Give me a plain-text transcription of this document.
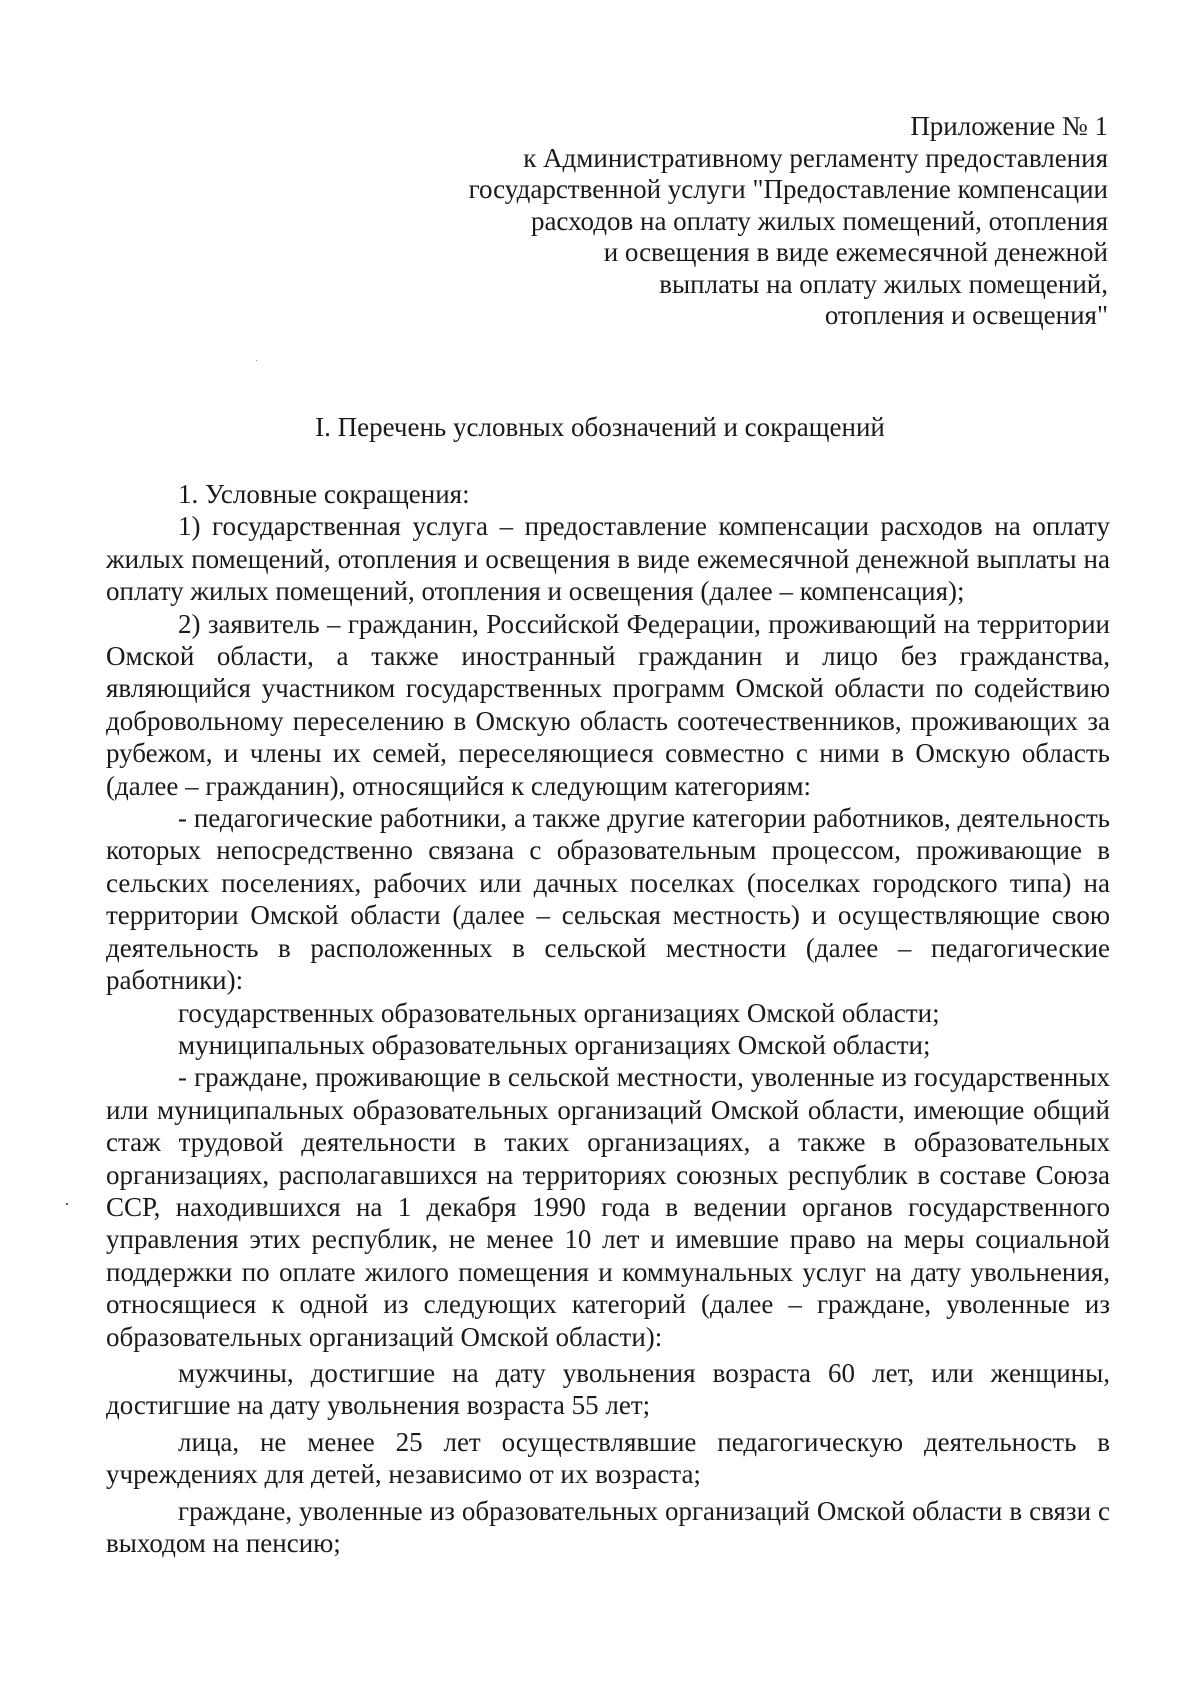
Приложение № 1
к Административному регламенту предоставления
государственной услуги "Предоставление компенсации
расходов на оплату жилых помещений, отопления
и освещения в виде ежемесячной денежной
выплаты на оплату жилых помещений,
отопления и освещения"
I. Перечень условных обозначений и сокращений

1. Условные сокращения:

1) государственная услуга – предоставление компенсации расходов на оплату жилых помещений, отопления и освещения в виде ежемесячной денежной выплаты на оплату жилых помещений, отопления и освещения (далее – компенсация);

2) заявитель – гражданин, Российской Федерации, проживающий на территории Омской области, а также иностранный гражданин и лицо без гражданства, являющийся участником государственных программ Омской области по содействию добровольному переселению в Омскую область соотечественников, проживающих за рубежом, и члены их семей, переселяющиеся совместно с ними в Омскую область (далее – гражданин), относящийся к следующим категориям:

- педагогические работники, а также другие категории работников, деятельность которых непосредственно связана с образовательным процессом, проживающие в сельских поселениях, рабочих или дачных поселках (поселках городского типа) на территории Омской области (далее – сельская местность) и осуществляющие свою деятельность в расположенных в сельской местности (далее – педагогические работники):

государственных образовательных организациях Омской области;

муниципальных образовательных организациях Омской области;

- граждане, проживающие в сельской местности, уволенные из государственных или муниципальных образовательных организаций Омской области, имеющие общий стаж трудовой деятельности в таких организациях, а также в образовательных организациях, располагавшихся на территориях союзных республик в составе Союза ССР, находившихся на 1 декабря 1990 года в ведении органов государственного управления этих республик, не менее 10 лет и имевшие право на меры социальной поддержки по оплате жилого помещения и коммунальных услуг на дату увольнения, относящиеся к одной из следующих категорий (далее – граждане, уволенные из образовательных организаций Омской области):

мужчины, достигшие на дату увольнения возраста 60 лет, или женщины, достигшие на дату увольнения возраста 55 лет;

лица, не менее 25 лет осуществлявшие педагогическую деятельность в учреждениях для детей, независимо от их возраста;

граждане, уволенные из образовательных организаций Омской области в связи с выходом на пенсию;
